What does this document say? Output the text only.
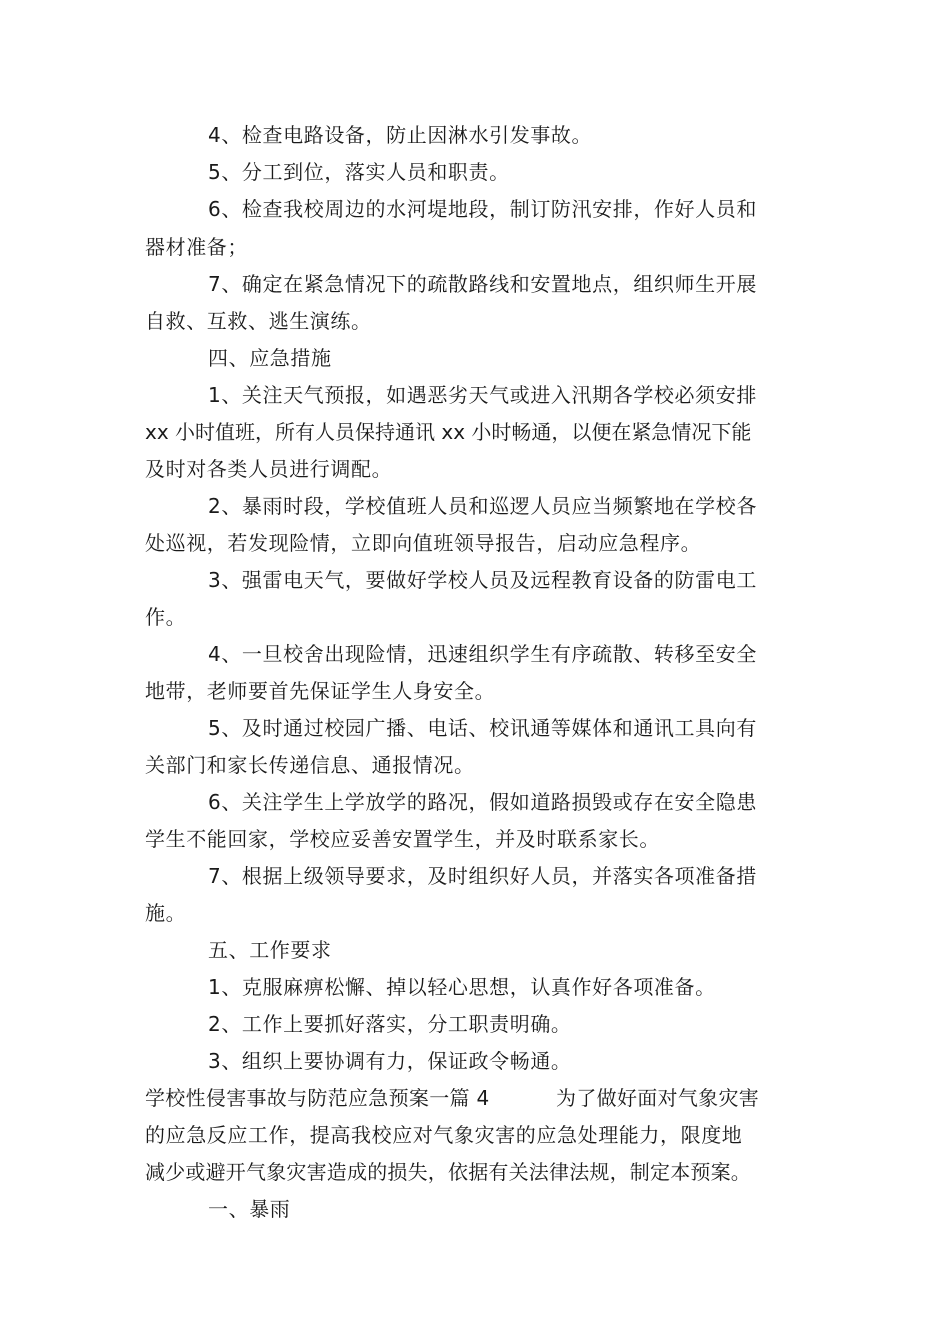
4、检查电路设备，防止因淋水引发事故。

5、分工到位，落实人员和职责。

6、检查我校周边的水河堤地段，制订防汛安排，作好人员和

器材准备；

7、确定在紧急情况下的疏散路线和安置地点，组织师生开展

自救、互救、逃生演练。

四、应急措施

1、关注天气预报，如遇恶劣天气或进入汛期各学校必须安排

xx 小时值班，所有人员保持通讯 xx 小时畅通，以便在紧急情况下能

及时对各类人员进行调配。

2、暴雨时段，学校值班人员和巡逻人员应当频繁地在学校各

处巡视，若发现险情，立即向值班领导报告，启动应急程序。

3、强雷电天气，要做好学校人员及远程教育设备的防雷电工

作。

4、一旦校舍出现险情，迅速组织学生有序疏散、转移至安全

地带，老师要首先保证学生人身安全。

5、及时通过校园广播、电话、校讯通等媒体和通讯工具向有

关部门和家长传递信息、通报情况。

6、关注学生上学放学的路况，假如道路损毁或存在安全隐患

学生不能回家，学校应妥善安置学生，并及时联系家长。

7、根据上级领导要求，及时组织好人员，并落实各项准备措

施。

五、工作要求

1、克服麻痹松懈、掉以轻心思想，认真作好各项准备。

2、工作上要抓好落实，分工职责明确。

3、组织上要协调有力，保证政令畅通。

学校性侵害事故与防范应急预案一篇 4          为了做好面对气象灾害

的应急反应工作，提高我校应对气象灾害的应急处理能力，限度地

减少或避开气象灾害造成的损失，依据有关法律法规，制定本预案。

一、暴雨
